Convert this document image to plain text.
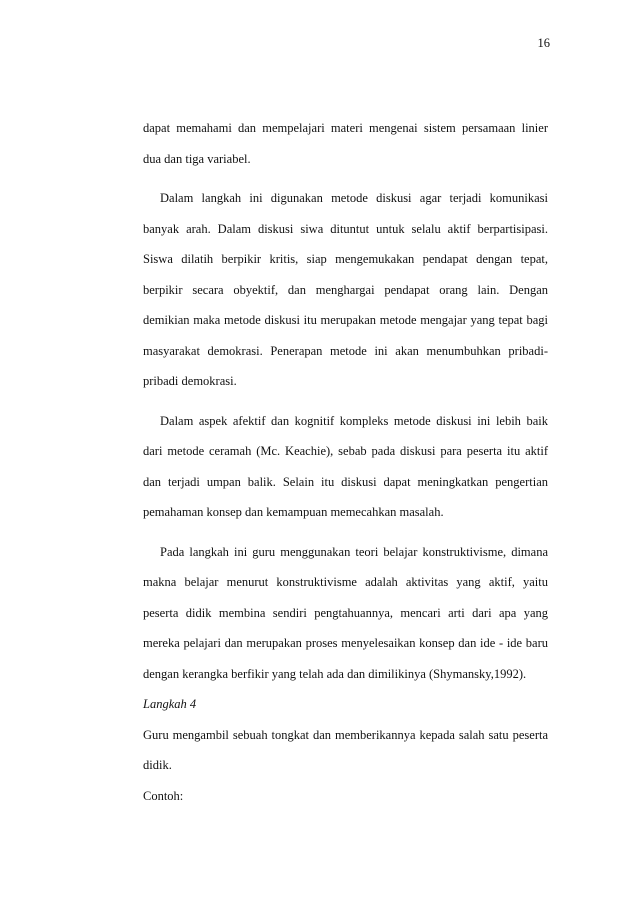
16
dapat memahami dan mempelajari materi mengenai sistem persamaan linier
dua dan tiga variabel.
Dalam langkah ini digunakan metode diskusi agar terjadi komunikasi
banyak arah. Dalam diskusi siwa dituntut untuk selalu aktif berpartisipasi.
Siswa dilatih berpikir kritis, siap mengemukakan pendapat dengan tepat,
berpikir secara obyektif, dan menghargai pendapat orang lain. Dengan
demikian maka metode diskusi itu merupakan metode mengajar yang tepat bagi
masyarakat demokrasi. Penerapan metode ini akan menumbuhkan pribadi-
pribadi demokrasi.
Dalam aspek afektif dan kognitif kompleks metode diskusi ini lebih baik
dari metode ceramah (Mc. Keachie), sebab pada diskusi para peserta itu aktif
dan terjadi umpan balik. Selain itu diskusi dapat meningkatkan pengertian
pemahaman konsep dan kemampuan memecahkan masalah.
Pada langkah ini guru menggunakan teori belajar konstruktivisme, dimana
makna belajar menurut konstruktivisme adalah aktivitas yang aktif, yaitu
peserta didik membina sendiri pengtahuannya, mencari arti dari apa yang
mereka pelajari dan merupakan proses menyelesaikan konsep dan ide - ide baru
dengan kerangka berfikir yang telah ada dan dimilikinya (Shymansky,1992).
Langkah 4
Guru mengambil sebuah tongkat dan memberikannya kepada salah satu peserta
didik.
Contoh:
